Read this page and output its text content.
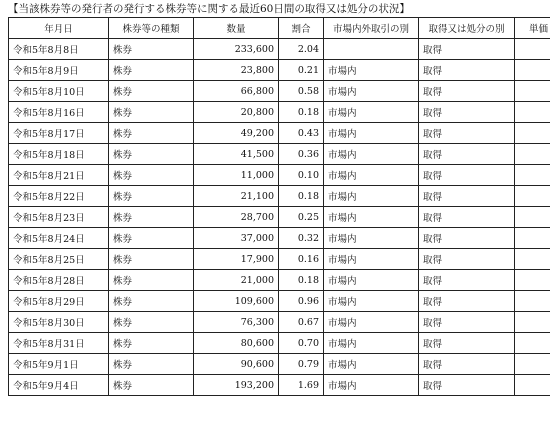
【当該株券等の発行者の発行する株券等に関する最近60日間の取得又は処分の状況】
年月日	株券等の種類	数量	割合	市場内外取引の別	取得又は処分の別	単価
令和5年8月8日	株券	233,600	2.04		取得	
令和5年8月9日	株券	23,800	0.21	市場内	取得	
令和5年8月10日	株券	66,800	0.58	市場内	取得	
令和5年8月16日	株券	20,800	0.18	市場内	取得	
令和5年8月17日	株券	49,200	0.43	市場内	取得	
令和5年8月18日	株券	41,500	0.36	市場内	取得	
令和5年8月21日	株券	11,000	0.10	市場内	取得	
令和5年8月22日	株券	21,100	0.18	市場内	取得	
令和5年8月23日	株券	28,700	0.25	市場内	取得	
令和5年8月24日	株券	37,000	0.32	市場内	取得	
令和5年8月25日	株券	17,900	0.16	市場内	取得	
令和5年8月28日	株券	21,000	0.18	市場内	取得	
令和5年8月29日	株券	109,600	0.96	市場内	取得	
令和5年8月30日	株券	76,300	0.67	市場内	取得	
令和5年8月31日	株券	80,600	0.70	市場内	取得	
令和5年9月1日	株券	90,600	0.79	市場内	取得	
令和5年9月4日	株券	193,200	1.69	市場内	取得	
